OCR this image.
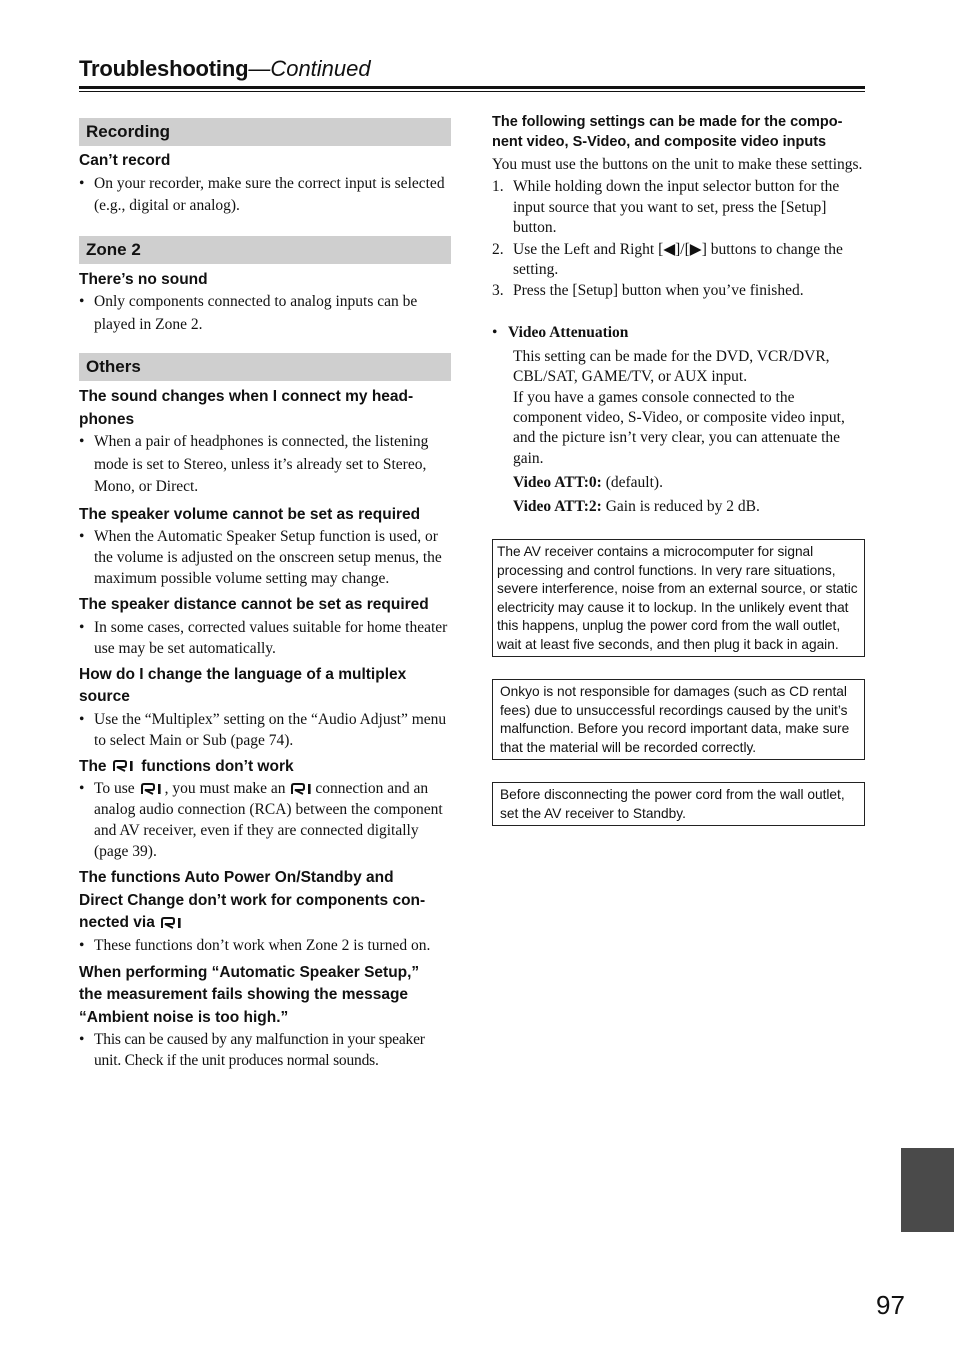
Troubleshooting—Continued
Recording
Can’t record
• On your recorder, make sure the correct input is selected (e.g., digital or analog).
Zone 2
There’s no sound
• Only components connected to analog inputs can be played in Zone 2.
Others
The sound changes when I connect my head-
phones
• When a pair of headphones is connected, the listening mode is set to Stereo, unless it’s already set to Stereo, Mono, or Direct.
The speaker volume cannot be set as required
• When the Automatic Speaker Setup function is used, or the volume is adjusted on the onscreen setup menus, the maximum possible volume setting may change.
The speaker distance cannot be set as required
• In some cases, corrected values suitable for home theater use may be set automatically.
How do I change the language of a multiplex
source
• Use the “Multiplex” setting on the “Audio Adjust” menu to select Main or Sub (page 74).
The functions don’t work
• To use , you must make an connection and an analog audio connection (RCA) between the component and AV receiver, even if they are connected digitally (page 39).
The functions Auto Power On/Standby and
Direct Change don’t work for components con-
nected via
• These functions don’t work when Zone 2 is turned on.
When performing “Automatic Speaker Setup,”
the measurement fails showing the message
“Ambient noise is too high.”
• This can be caused by any malfunction in your speaker unit. Check if the unit produces normal sounds.
The following settings can be made for the compo-
nent video, S-Video, and composite video inputs
You must use the buttons on the unit to make these settings.
1. While holding down the input selector button for the input source that you want to set, press the [Setup] button.
2. Use the Left and Right [◀]/[▶] buttons to change the setting.
3. Press the [Setup] button when you’ve finished.
• Video Attenuation
This setting can be made for the DVD, VCR/DVR, CBL/SAT, GAME/TV, or AUX input.
If you have a games console connected to the component video, S-Video, or composite video input, and the picture isn’t very clear, you can attenuate the gain.
Video ATT:0: (default).
Video ATT:2: Gain is reduced by 2 dB.
The AV receiver contains a microcomputer for signal processing and control functions. In very rare situations, severe interference, noise from an external source, or static electricity may cause it to lockup. In the unlikely event that this happens, unplug the power cord from the wall outlet, wait at least five seconds, and then plug it back in again.
Onkyo is not responsible for damages (such as CD rental fees) due to unsuccessful recordings caused by the unit’s malfunction. Before you record important data, make sure that the material will be recorded correctly.
Before disconnecting the power cord from the wall outlet, set the AV receiver to Standby.
97
